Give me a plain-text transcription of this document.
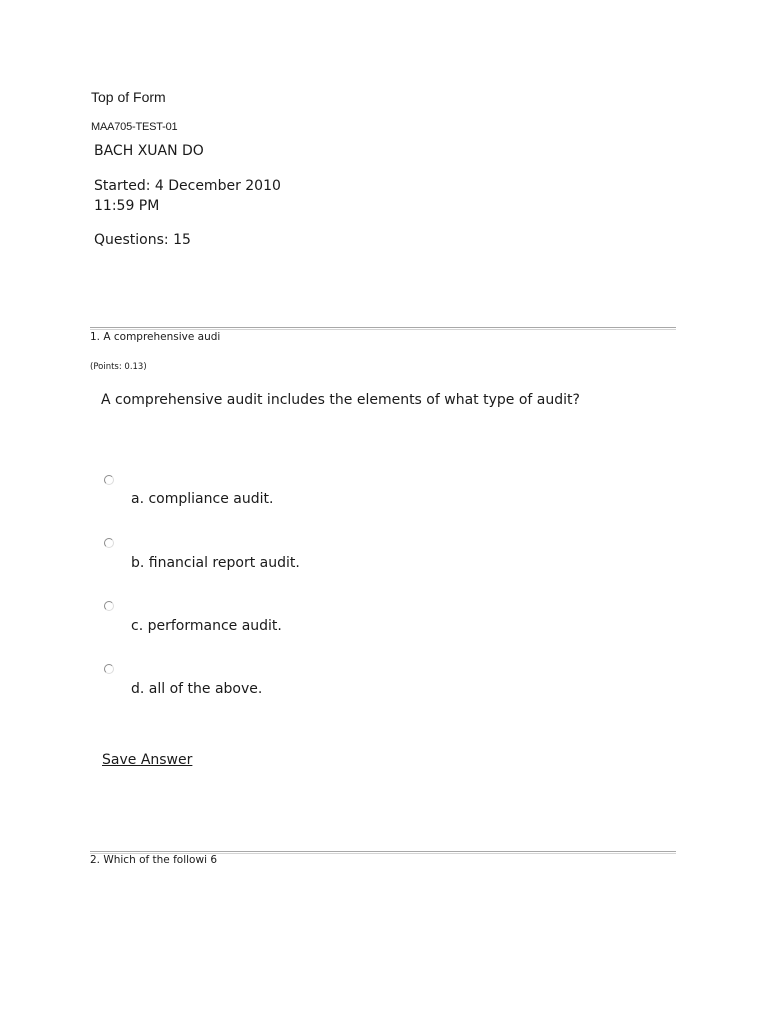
Top of Form
MAA705-TEST-01
BACH XUAN DO
Started: 4 December 2010
11:59 PM
Questions: 15
1. A comprehensive audi
(Points: 0.13)
A comprehensive audit includes the elements of what type of audit?
a. compliance audit.
b. financial report audit.
c. performance audit.
d. all of the above.
Save Answer
2. Which of the followi 6
